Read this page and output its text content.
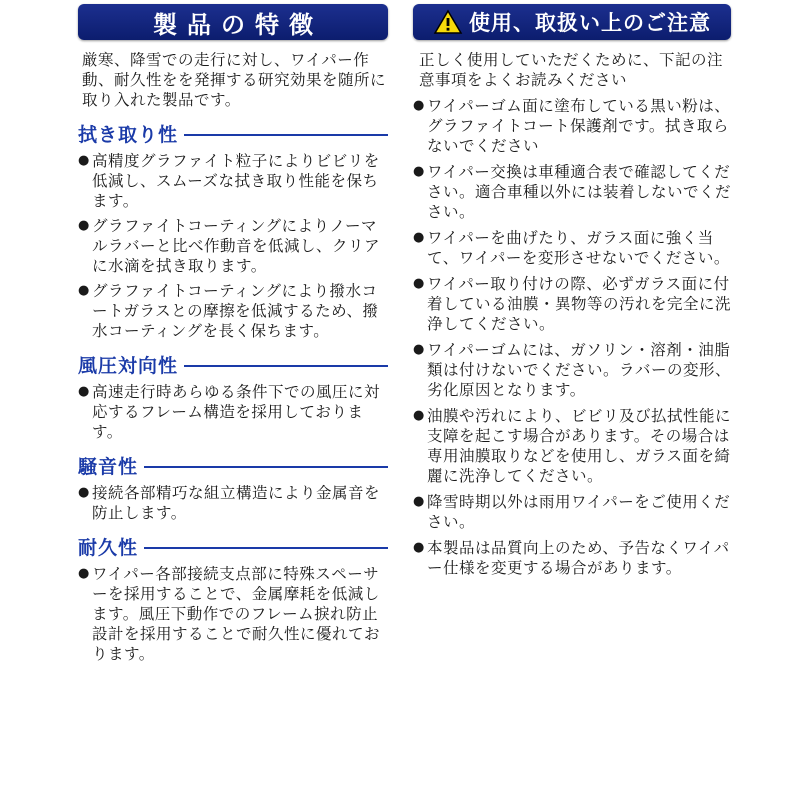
製品の特徴
厳寒、降雪での走行に対し、ワイパー作動、耐久性をを発揮する研究効果を随所に取り入れた製品です。
拭き取り性
● 高精度グラファイト粒子によりビビリを低減し、スムーズな拭き取り性能を保ちます。
● グラファイトコーティングによりノーマルラバーと比べ作動音を低減し、クリアに水滴を拭き取ります。
● グラファイトコーティングにより撥水コートガラスとの摩擦を低減するため、撥水コーティングを長く保ちます。
風圧対向性
● 高速走行時あらゆる条件下での風圧に対応するフレーム構造を採用しております。
騒音性
● 接続各部精巧な組立構造により金属音を防止します。
耐久性
● ワイパー各部接続支点部に特殊スペーサーを採用することで、金属摩耗を低減します。風圧下動作でのフレーム捩れ防止設計を採用することで耐久性に優れております。
使用、取扱い上のご注意
正しく使用していただくために、下記の注意事項をよくお読みください
● ワイパーゴム面に塗布している黒い粉は、グラファイトコート保護剤です。拭き取らないでください
● ワイパー交換は車種適合表で確認してください。適合車種以外には装着しないでください。
● ワイパーを曲げたり、ガラス面に強く当て、ワイパーを変形させないでください。
● ワイパー取り付けの際、必ずガラス面に付着している油膜・異物等の汚れを完全に洗浄してください。
● ワイパーゴムには、ガソリン・溶剤・油脂類は付けないでください。ラバーの変形、劣化原因となります。
● 油膜や汚れにより、ビビリ及び払拭性能に支障を起こす場合があります。その場合は専用油膜取りなどを使用し、ガラス面を綺麗に洗浄してください。
● 降雪時期以外は雨用ワイパーをご使用ください。
● 本製品は品質向上のため、予告なくワイパー仕様を変更する場合があります。
